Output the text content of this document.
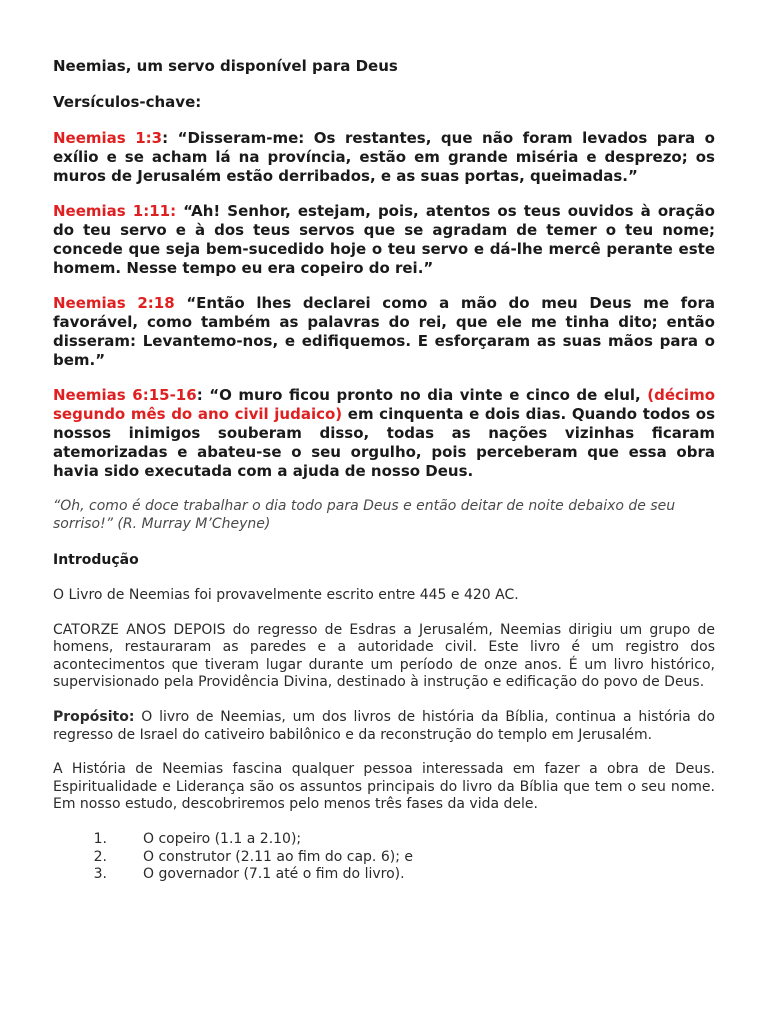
Neemias, um servo disponível para Deus

Versículos-chave:

Neemias 1:3: “Disseram-me: Os restantes, que não foram levados para o exílio e se acham lá na província, estão em grande miséria e desprezo; os muros de Jerusalém estão derribados, e as suas portas, queimadas.”

Neemias 1:11: “Ah! Senhor, estejam, pois, atentos os teus ouvidos à oração do teu servo e à dos teus servos que se agradam de temer o teu nome; concede que seja bem-sucedido hoje o teu servo e dá-lhe mercê perante este homem. Nesse tempo eu era copeiro do rei.”

Neemias 2:18 “Então lhes declarei como a mão do meu Deus me fora favorável, como também as palavras do rei, que ele me tinha dito; então disseram: Levantemo-nos, e edifiquemos. E esforçaram as suas mãos para o bem.”

Neemias 6:15-16: “O muro ficou pronto no dia vinte e cinco de elul, (décimo segundo mês do ano civil judaico) em cinquenta e dois dias. Quando todos os nossos inimigos souberam disso, todas as nações vizinhas ficaram atemorizadas e abateu-se o seu orgulho, pois perceberam que essa obra havia sido executada com a ajuda de nosso Deus.

“Oh, como é doce trabalhar o dia todo para Deus e então deitar de noite debaixo de seu sorriso!” (R. Murray M’Cheyne)

Introdução

O Livro de Neemias foi provavelmente escrito entre 445 e 420 AC.

CATORZE ANOS DEPOIS do regresso de Esdras a Jerusalém, Neemias dirigiu um grupo de homens, restauraram as paredes e a autoridade civil. Este livro é um registro dos acontecimentos que tiveram lugar durante um período de onze anos. É um livro histórico, supervisionado pela Providência Divina, destinado à instrução e edificação do povo de Deus.

Propósito: O livro de Neemias, um dos livros de história da Bíblia, continua a história do regresso de Israel do cativeiro babilônico e da reconstrução do templo em Jerusalém.

A História de Neemias fascina qualquer pessoa interessada em fazer a obra de Deus. Espiritualidade e Liderança são os assuntos principais do livro da Bíblia que tem o seu nome. Em nosso estudo, descobriremos pelo menos três fases da vida dele.

1.	O copeiro (1.1 a 2.10);
2.	O construtor (2.11 ao fim do cap. 6); e
3.	O governador (7.1 até o fim do livro).
